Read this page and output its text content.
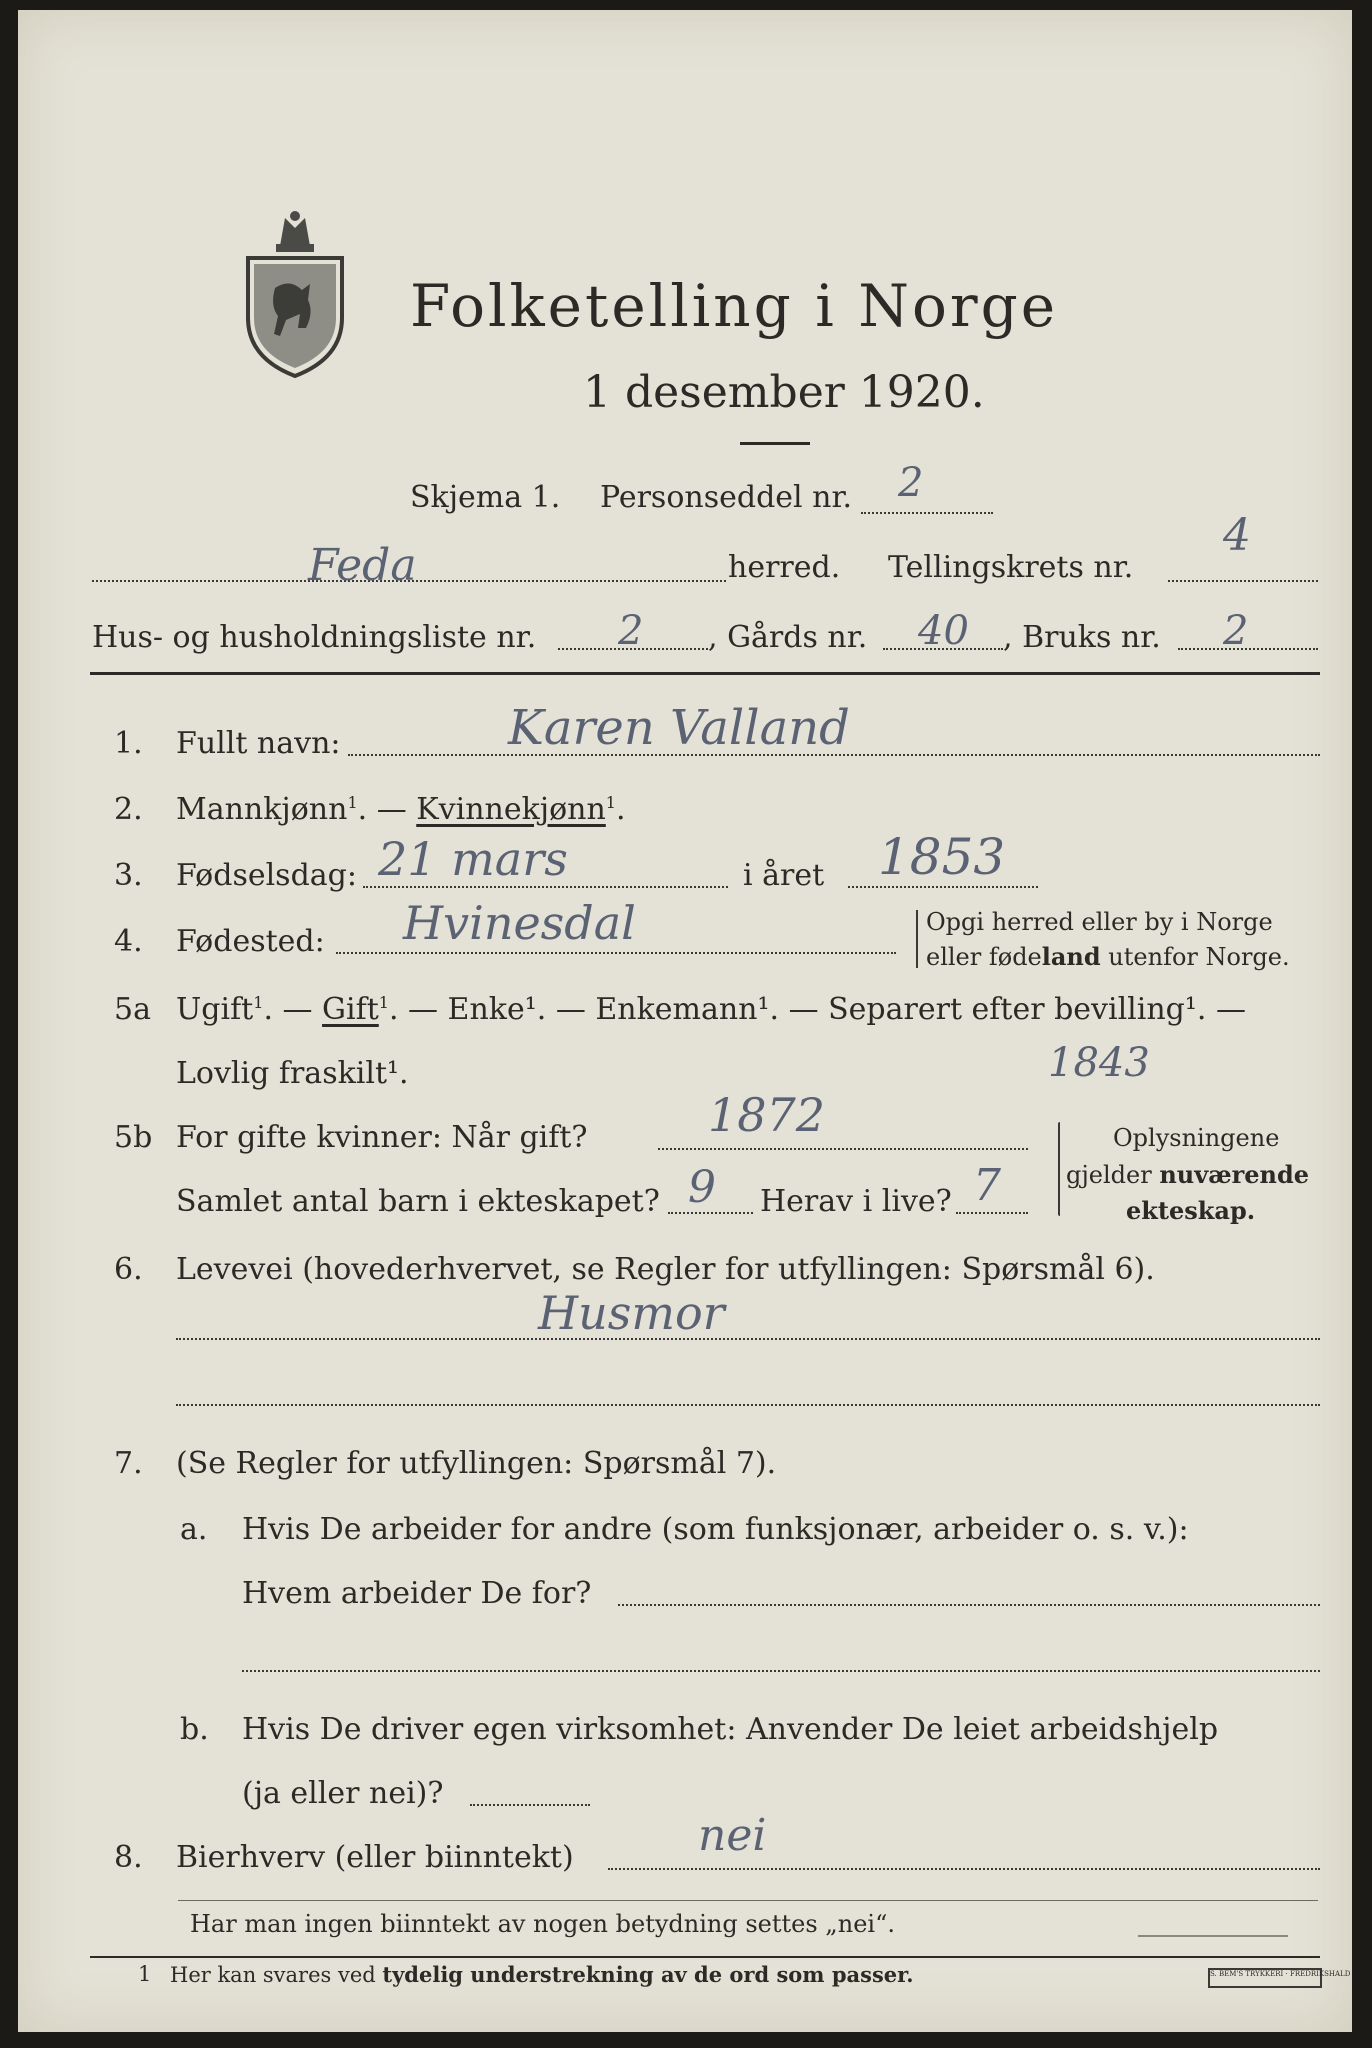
Folketelling i Norge
1 desember 1920.
Skjema 1. Personseddel nr. 2
Feda	herred. Tellingskrets nr.
4
Hus- og husholdningsliste nr. 2 , Gårds nr. 40 , Bruks nr. 2
1. Fullt navn:	Karen Valland
2. Mannkjønn$^1$. — Kvinnekjønn$^1$.
3. Fødselsdag: 21 mars	i året 1853
4. Fødested: Hvinesdal	Opgi herred eller by i Norge
eller fødeland utenfor Norge.
5a Ugift$^1$. — Gift$^1$. — Enke¹. — Enkemann¹. — Separert efter bevilling¹. —
Lovlig fraskilt¹.	1843
5b For gifte kvinner: Når gift?	1872
Samlet antal barn i ekteskapet? 9 Herav i live? 7
Oplysningene
gjelder nuværende
ekteskap.
6. Levevei (hovederhvervet, se Regler for utfyllingen: Spørsmål 6).
Husmor
7. (Se Regler for utfyllingen: Spørsmål 7).
a. Hvis De arbeider for andre (som funksjonær, arbeider o. s. v.):
Hvem arbeider De for?
b. Hvis De driver egen virksomhet: Anvender De leiet arbeidshjelp
(ja eller nei)?
8. Bierhverv (eller biinntekt)	nei
Har man ingen biinntekt av nogen betydning settes „nei“.
1 Her kan svares ved tydelig understrekning av de ord som passer.	S. BEM'S TRYKKERI · FREDRIKSHALD
